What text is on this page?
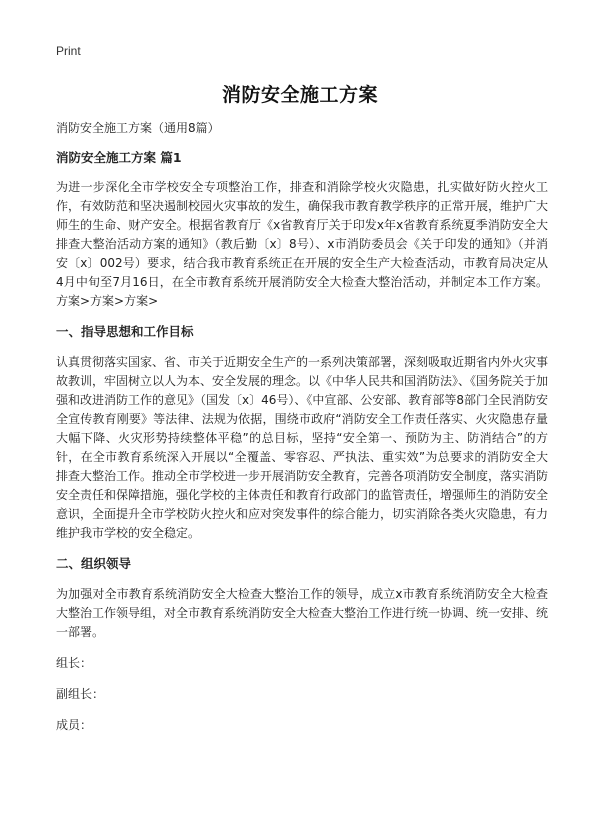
Print
消防安全施工方案

消防安全施工方案（通用8篇）

消防安全施工方案 篇1

为进一步深化全市学校安全专项整治工作，排查和消除学校火灾隐患，扎实做好防火控火工作，有效防范和坚决遏制校园火灾事故的发生，确保我市教育教学秩序的正常开展，维护广大师生的生命、财产安全。根据省教育厅《x省教育厅关于印发x年x省教育系统夏季消防安全大排查大整治活动方案的通知》（教后勤〔x〕8号）、x市消防委员会《关于印发的通知》（并消安〔x〕002号）要求，结合我市教育系统正在开展的安全生产大检查活动，市教育局决定从4月中旬至7月16日，在全市教育系统开展消防安全大检查大整治活动，并制定本工作方案。方案>方案>方案>

一、指导思想和工作目标

认真贯彻落实国家、省、市关于近期安全生产的一系列决策部署，深刻吸取近期省内外火灾事故教训，牢固树立以人为本、安全发展的理念。以《中华人民共和国消防法》、《国务院关于加强和改进消防工作的意见》（国发〔x〕46号）、《中宣部、公安部、教育部等8部门全民消防安全宣传教育刚要》等法律、法规为依据，围绕市政府“消防安全工作责任落实、火灾隐患存量大幅下降、火灾形势持续整体平稳”的总目标，坚持“安全第一、预防为主、防消结合”的方针，在全市教育系统深入开展以“全覆盖、零容忍、严执法、重实效”为总要求的消防安全大排查大整治工作。推动全市学校进一步开展消防安全教育，完善各项消防安全制度，落实消防安全责任和保障措施，强化学校的主体责任和教育行政部门的监管责任，增强师生的消防安全意识，全面提升全市学校防火控火和应对突发事件的综合能力，切实消除各类火灾隐患，有力维护我市学校的安全稳定。

二、组织领导

为加强对全市教育系统消防安全大检查大整治工作的领导，成立x市教育系统消防安全大检查大整治工作领导组，对全市教育系统消防安全大检查大整治工作进行统一协调、统一安排、统一部署。

组长：

副组长：

成员：
